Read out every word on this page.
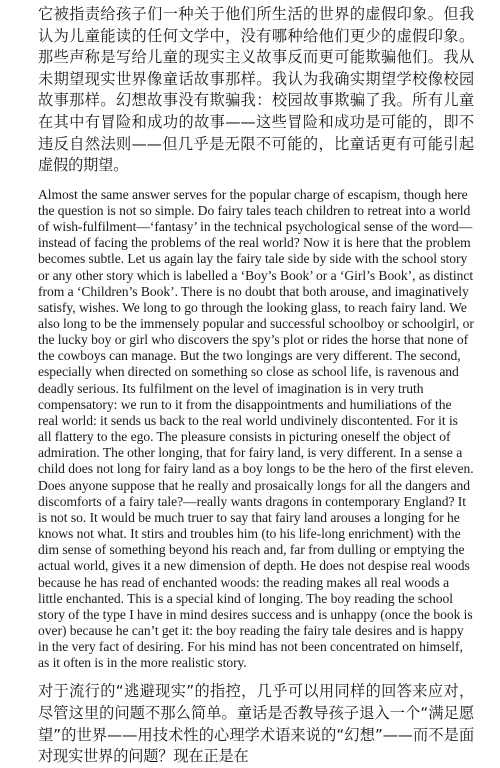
它被指责给孩子们一种关于他们所生活的世界的虚假印象。但我认为儿童能读的任何文学中，没有哪种给他们更少的虚假印象。那些声称是写给儿童的现实主义故事反而更可能欺骗他们。我从未期望现实世界像童话故事那样。我认为我确实期望学校像校园故事那样。幻想故事没有欺骗我：校园故事欺骗了我。所有儿童在其中有冒险和成功的故事——这些冒险和成功是可能的，即不违反自然法则——但几乎是无限不可能的，比童话更有可能引起虚假的期望。

Almost the same answer serves for the popular charge of escapism, though here the question is not so simple. Do fairy tales teach children to retreat into a world of wish-fulfilment—‘fantasy’ in the technical psychological sense of the word—instead of facing the problems of the real world? Now it is here that the problem becomes subtle. Let us again lay the fairy tale side by side with the school story or any other story which is labelled a ‘Boy’s Book’ or a ‘Girl’s Book’, as distinct from a ‘Children’s Book’. There is no doubt that both arouse, and imaginatively satisfy, wishes. We long to go through the looking glass, to reach fairy land. We also long to be the immensely popular and successful schoolboy or schoolgirl, or the lucky boy or girl who discovers the spy’s plot or rides the horse that none of the cowboys can manage. But the two longings are very different. The second, especially when directed on something so close as school life, is ravenous and deadly serious. Its fulfilment on the level of imagination is in very truth compensatory: we run to it from the disappointments and humiliations of the real world: it sends us back to the real world undivinely discontented. For it is all flattery to the ego. The pleasure consists in picturing oneself the object of admiration. The other longing, that for fairy land, is very different. In a sense a child does not long for fairy land as a boy longs to be the hero of the first eleven. Does anyone suppose that he really and prosaically longs for all the dangers and discomforts of a fairy tale?—really wants dragons in contemporary England? It is not so. It would be much truer to say that fairy land arouses a longing for he knows not what. It stirs and troubles him (to his life-long enrichment) with the dim sense of something beyond his reach and, far from dulling or emptying the actual world, gives it a new dimension of depth. He does not despise real woods because he has read of enchanted woods: the reading makes all real woods a little enchanted. This is a special kind of longing. The boy reading the school story of the type I have in mind desires success and is unhappy (once the book is over) because he can’t get it: the boy reading the fairy tale desires and is happy in the very fact of desiring. For his mind has not been concentrated on himself, as it often is in the more realistic story.

对于流行的“逃避现实”的指控，几乎可以用同样的回答来应对，尽管这里的问题不那么简单。童话是否教导孩子退入一个“满足愿望”的世界——用技术性的心理学术语来说的“幻想”——而不是面对现实世界的问题？现在正是在
